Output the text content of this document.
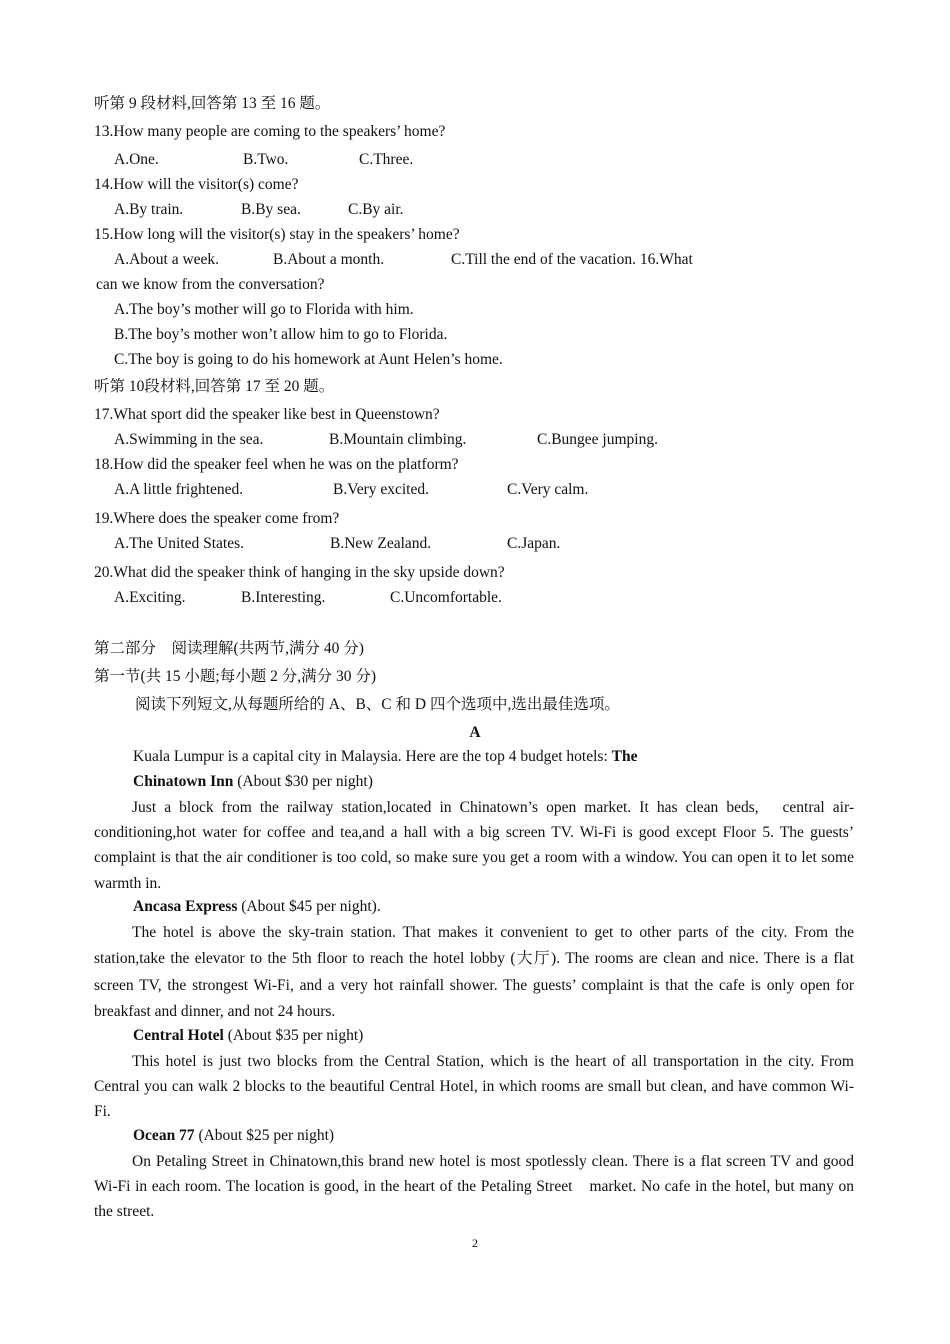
听第 9 段材料,回答第 13 至 16 题。
13.How many people are coming to the speakers’ home?
A.One.	B.Two.	C.Three.
14.How will the visitor(s) come?
A.By train.	B.By sea.	C.By air.
15.How long will the visitor(s) stay in the speakers’ home?
A.About a week.	B.About a month.	C.Till the end of the vacation. 16.What
can we know from the conversation?
A.The boy’s mother will go to Florida with him.
B.The boy’s mother won’t allow him to go to Florida.
C.The boy is going to do his homework at Aunt Helen’s home.
听第 10段材料,回答第 17 至 20 题。
17.What sport did the speaker like best in Queenstown?
A.Swimming in the sea.	B.Mountain climbing.	C.Bungee jumping.
18.How did the speaker feel when he was on the platform?
A.A little frightened.	B.Very excited.	C.Very calm.
19.Where does the speaker come from?
A.The United States.	B.New Zealand.	C.Japan.
20.What did the speaker think of hanging in the sky upside down?
A.Exciting.	B.Interesting.	C.Uncomfortable.
第二部分　阅读理解(共两节,满分 40 分)
第一节(共 15 小题;每小题 2 分,满分 30 分)
阅读下列短文,从每题所给的 A、B、C 和 D 四个选项中,选出最佳选项。
A
Kuala Lumpur is a capital city in Malaysia. Here are the top 4 budget hotels: The
Chinatown Inn (About $30 per night)
Just a block from the railway station,located in Chinatown’s open market. It has clean beds,　central air-conditioning,hot water for coffee and tea,and a hall with a big screen TV. Wi-Fi is good except Floor 5. The guests’ complaint is that the air conditioner is too cold, so make sure you get a room with a window. You can open it to let some warmth in.
Ancasa Express (About $45 per night).
The hotel is above the sky-train station. That makes it convenient to get to other parts of the city. From the station,take the elevator to the 5th floor to reach the hotel lobby (大厅). The rooms are clean and nice. There is a flat screen TV, the strongest Wi-Fi, and a very hot rainfall shower. The guests’ complaint is that the cafe is only open for breakfast and dinner, and not 24 hours.
Central Hotel (About $35 per night)
This hotel is just two blocks from the Central Station, which is the heart of all transportation in the city. From Central you can walk 2 blocks to the beautiful Central Hotel, in which rooms are small but clean, and have common Wi-Fi.
Ocean 77 (About $25 per night)
On Petaling Street in Chinatown,this brand new hotel is most spotlessly clean. There is a flat screen TV and good Wi-Fi in each room. The location is good, in the heart of the Petaling Street　market. No cafe in the hotel, but many on the street.
2
